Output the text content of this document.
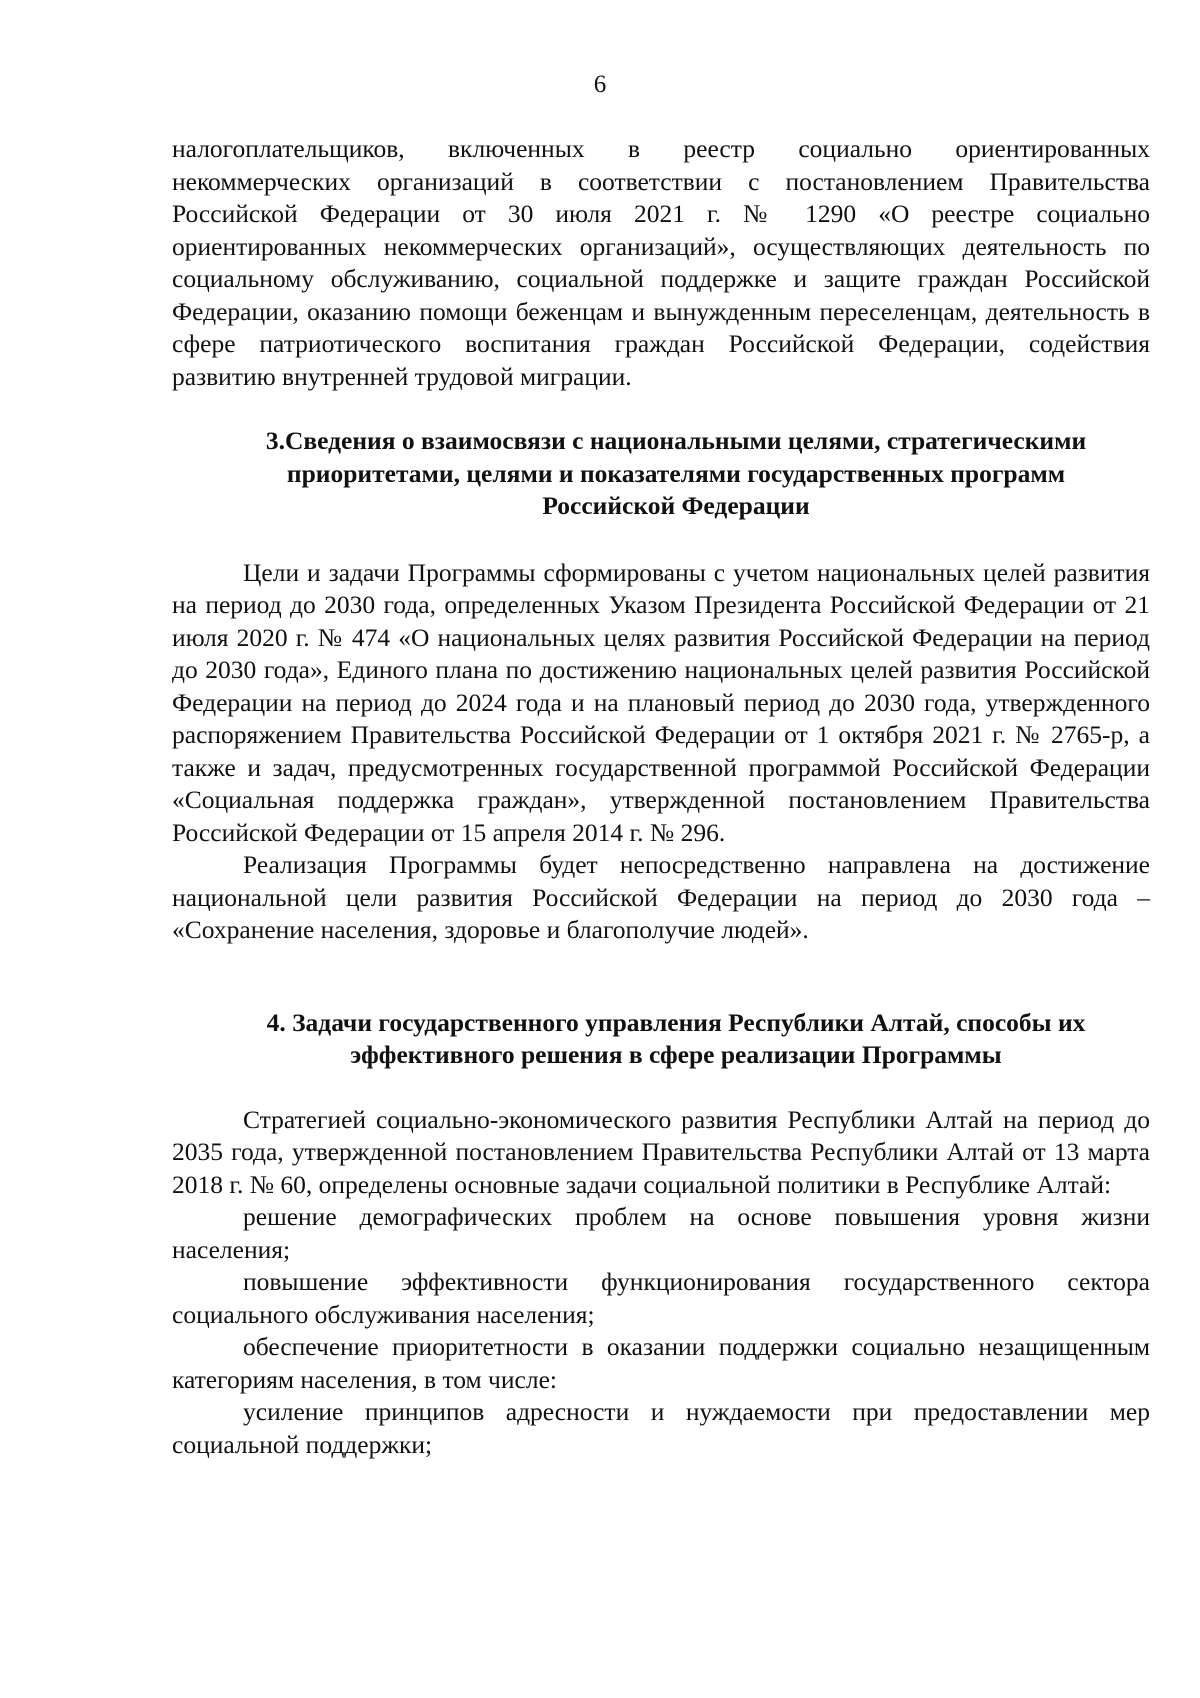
6

налогоплательщиков, включенных в реестр социально ориентированных некоммерческих организаций в соответствии с постановлением Правительства Российской Федерации от 30 июля 2021 г. № 1290 «О реестре социально ориентированных некоммерческих организаций», осуществляющих деятельность по социальному обслуживанию, социальной поддержке и защите граждан Российской Федерации, оказанию помощи беженцам и вынужденным переселенцам, деятельность в сфере патриотического воспитания граждан Российской Федерации, содействия развитию внутренней трудовой миграции.

3.Сведения о взаимосвязи с национальными целями, стратегическими
приоритетами, целями и показателями государственных программ
Российской Федерации

Цели и задачи Программы сформированы с учетом национальных целей развития на период до 2030 года, определенных Указом Президента Российской Федерации от 21 июля 2020 г. № 474 «О национальных целях развития Российской Федерации на период до 2030 года», Единого плана по достижению национальных целей развития Российской Федерации на период до 2024 года и на плановый период до 2030 года, утвержденного распоряжением Правительства Российской Федерации от 1 октября 2021 г. № 2765-р, а также и задач, предусмотренных государственной программой Российской Федерации «Социальная поддержка граждан», утвержденной постановлением Правительства Российской Федерации от 15 апреля 2014 г. № 296.

Реализация Программы будет непосредственно направлена на достижение национальной цели развития Российской Федерации на период до 2030 года – «Сохранение населения, здоровье и благополучие людей».

4. Задачи государственного управления Республики Алтай, способы их
эффективного решения в сфере реализации Программы

Стратегией социально-экономического развития Республики Алтай на период до 2035 года, утвержденной постановлением Правительства Республики Алтай от 13 марта 2018 г. № 60, определены основные задачи социальной политики в Республике Алтай:

решение демографических проблем на основе повышения уровня жизни населения;

повышение эффективности функционирования государственного сектора социального обслуживания населения;

обеспечение приоритетности в оказании поддержки социально незащищенным категориям населения, в том числе:

усиление принципов адресности и нуждаемости при предоставлении мер социальной поддержки;
